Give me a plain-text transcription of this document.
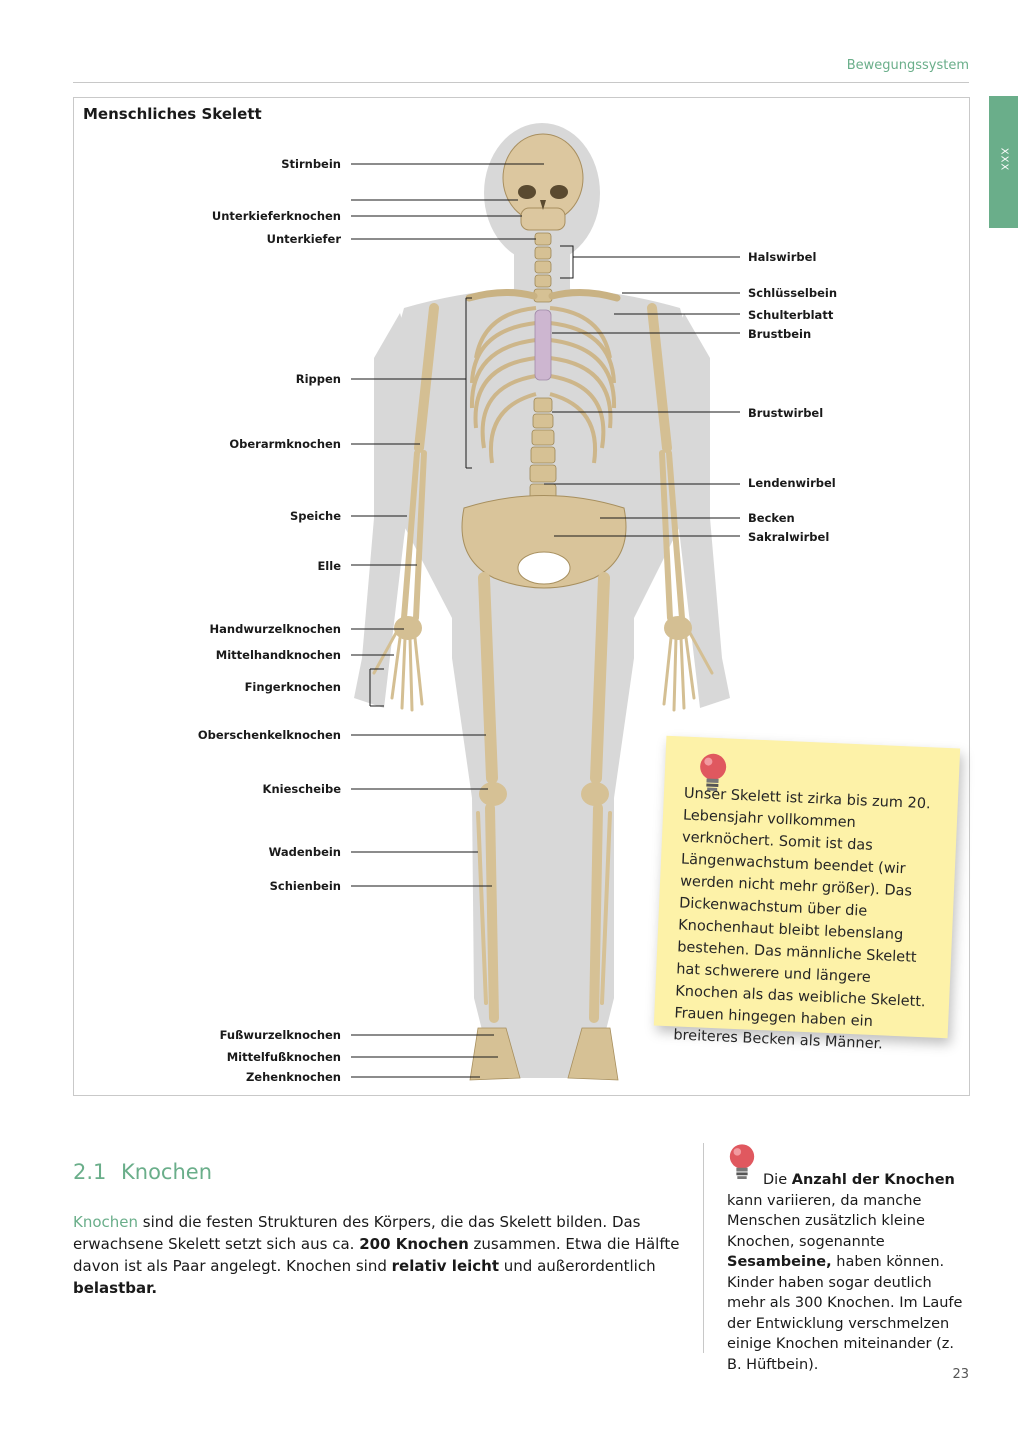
Bewegungssystem
XXX
Menschliches Skelett
Stirnbein
Unterkieferknochen
Unterkiefer
Rippen
Oberarmknochen
Speiche
Elle
Handwurzelknochen
Mittelhandknochen
Fingerknochen
Oberschenkelknochen
Kniescheibe
Wadenbein
Schienbein
Fußwurzelknochen
Mittelfußknochen
Zehenknochen
Halswirbel
Schlüsselbein
Schulterblatt
Brustbein
Brustwirbel
Lendenwirbel
Becken
Sakralwirbel
Unser Skelett ist zirka bis zum 20. Lebensjahr vollkommen verknöchert. Somit ist das Längenwachstum beendet (wir werden nicht mehr größer). Das Dickenwachstum über die Knochenhaut bleibt lebenslang bestehen. Das männliche Skelett hat schwerere und längere Knochen als das weibliche Skelett. Frauen hingegen haben ein breiteres Becken als Männer.
2.1 Knochen
Knochen sind die festen Strukturen des Körpers, die das Skelett bilden. Das erwachsene Skelett setzt sich aus ca. 200 Knochen zusammen. Etwa die Hälfte davon ist als Paar angelegt. Knochen sind relativ leicht und außerordentlich belastbar.
Die Anzahl der Knochen kann variieren, da manche Menschen zusätzlich kleine Knochen, sogenannte Sesambeine, haben können. Kinder haben sogar deutlich mehr als 300 Knochen. Im Laufe der Entwicklung verschmelzen einige Knochen miteinander (z. B. Hüftbein).
23
